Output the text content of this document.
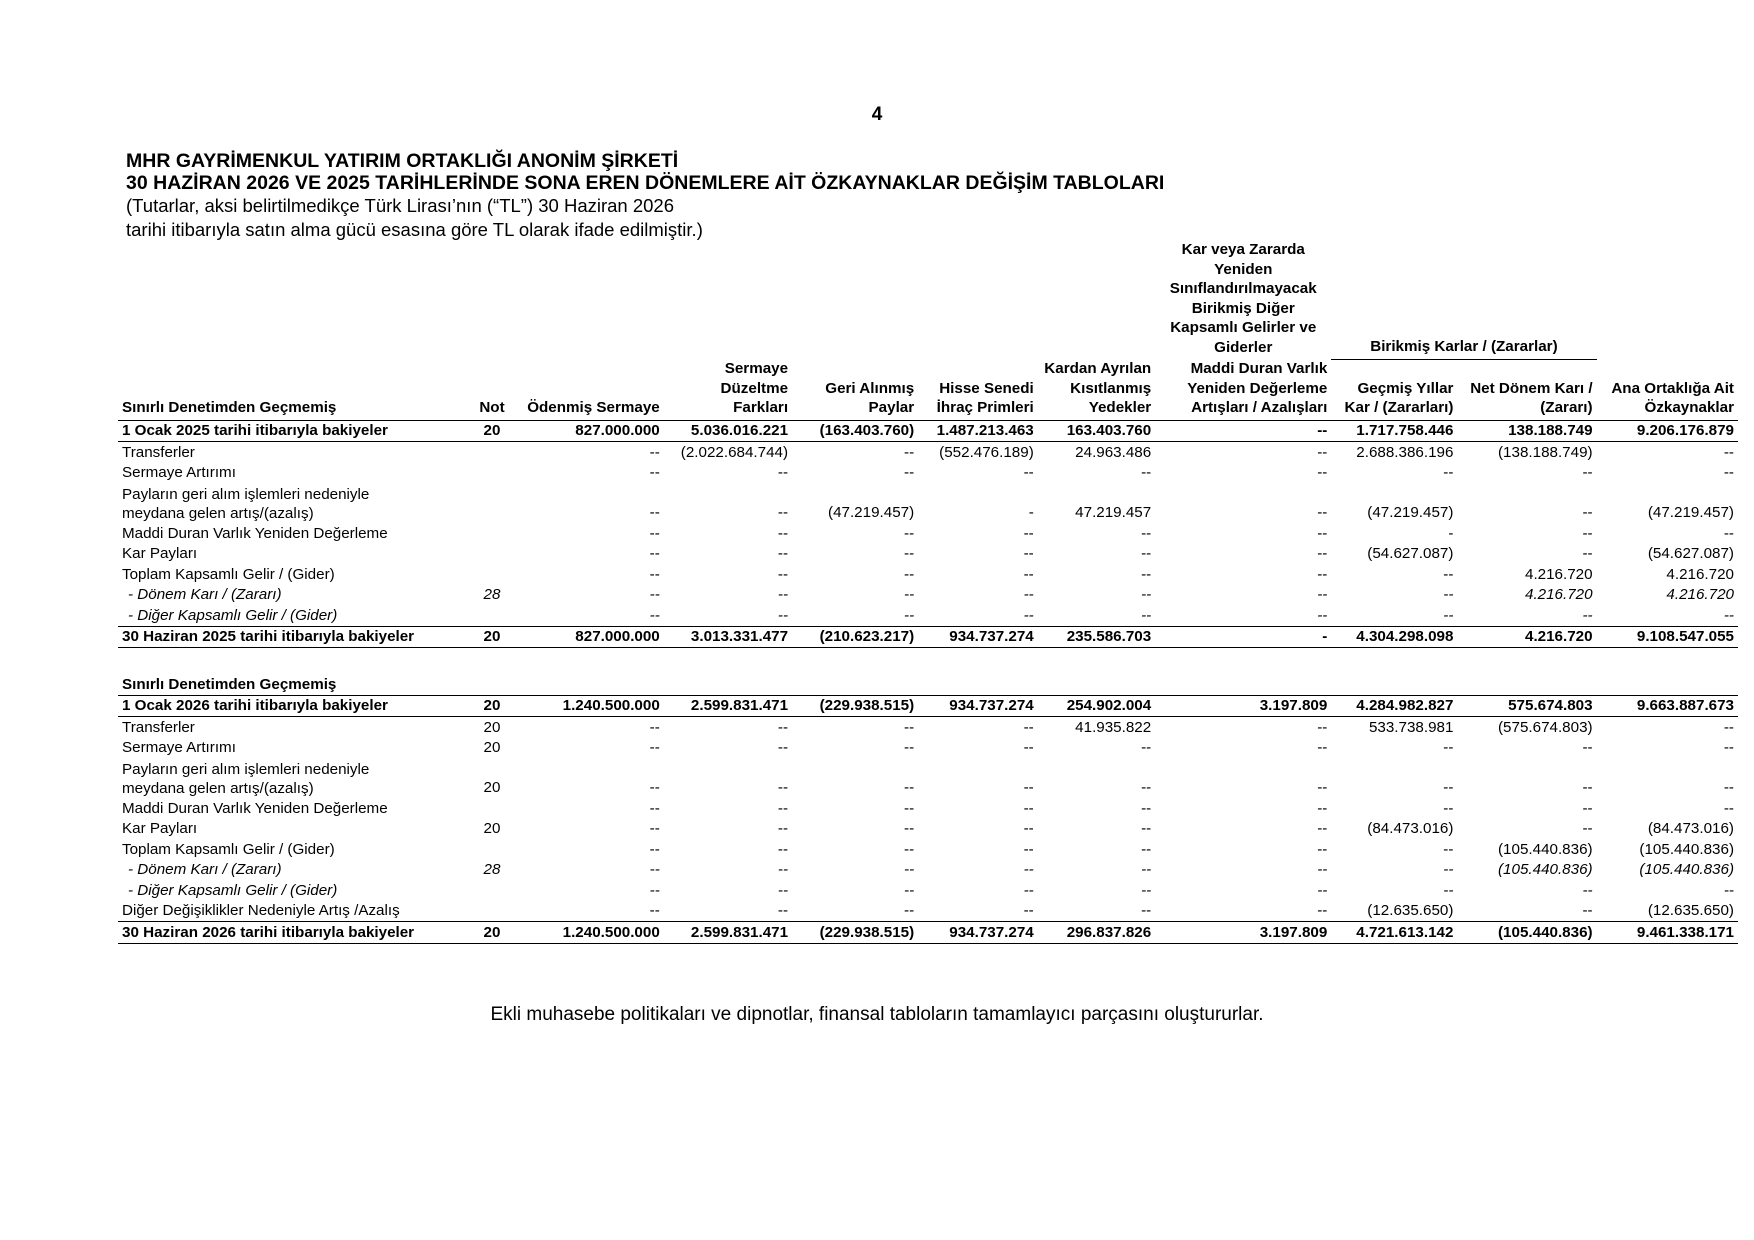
4
MHR GAYRİMENKUL YATIRIM ORTAKLIĞI ANONİM ŞİRKETİ
30 HAZİRAN 2026 VE 2025 TARİHLERİNDE SONA EREN DÖNEMLERE AİT ÖZKAYNAKLAR DEĞİŞİM TABLOLARI
(Tutarlar, aksi belirtilmedikçe Türk Lirası’nın (“TL”) 30 Haziran 2026
tarihi itibarıyla satın alma gücü esasına göre TL olarak ifade edilmiştir.)
							Kar veya Zararda Yeniden Sınıflandırılmayacak Birikmiş Diğer Kapsamlı Gelirler ve Giderler	Birikmiş Karlar / (Zararlar)		
Sınırlı Denetimden Geçmemiş	Not	Ödenmiş Sermaye	Sermaye Düzeltme Farkları	Geri Alınmış Paylar	Hisse Senedi İhraç Primleri	Kardan Ayrılan Kısıtlanmış Yedekler	Maddi Duran Varlık Yeniden Değerleme Artışları / Azalışları	Geçmiş Yıllar Kar / (Zararları)	Net Dönem Karı / (Zararı)	Ana Ortaklığa Ait Özkaynaklar
1 Ocak 2025 tarihi itibarıyla bakiyeler	20	827.000.000	5.036.016.221	(163.403.760)	1.487.213.463	163.403.760	--	1.717.758.446	138.188.749	9.206.176.879
Transferler		--	(2.022.684.744)	--	(552.476.189)	24.963.486	--	2.688.386.196	(138.188.749)	--
Sermaye Artırımı		--	--	--	--	--	--	--	--	--

Payların geri alım işlemleri nedeniyle
meydana gelen artış/(azalış)		--	--	(47.219.457)	-	47.219.457	--	(47.219.457)	--	(47.219.457)
Maddi Duran Varlık Yeniden Değerleme		--	--	--	--	--	--	-	--	--
Kar Payları		--	--	--	--	--	--	(54.627.087)	--	(54.627.087)
Toplam Kapsamlı Gelir / (Gider)		--	--	--	--	--	--	--	4.216.720	4.216.720
- Dönem Karı / (Zararı)	28	--	--	--	--	--	--	--	4.216.720	4.216.720
- Diğer Kapsamlı Gelir / (Gider)		--	--	--	--	--	--	--	--	--
30 Haziran 2025 tarihi itibarıyla bakiyeler	20	827.000.000	3.013.331.477	(210.623.217)	934.737.274	235.586.703	-	4.304.298.098	4.216.720	9.108.547.055

Sınırlı Denetimden Geçmemiş										
1 Ocak 2026 tarihi itibarıyla bakiyeler	20	1.240.500.000	2.599.831.471	(229.938.515)	934.737.274	254.902.004	3.197.809	4.284.982.827	575.674.803	9.663.887.673
Transferler	20	--	--	--	--	41.935.822	--	533.738.981	(575.674.803)	--
Sermaye Artırımı	20	--	--	--	--	--	--	--	--	--

Payların geri alım işlemleri nedeniyle
meydana gelen artış/(azalış)	20	--	--	--	--	--	--	--	--	--
Maddi Duran Varlık Yeniden Değerleme		--	--	--	--	--	--	--	--	--
Kar Payları	20	--	--	--	--	--	--	(84.473.016)	--	(84.473.016)
Toplam Kapsamlı Gelir / (Gider)		--	--	--	--	--	--	--	(105.440.836)	(105.440.836)
- Dönem Karı / (Zararı)	28	--	--	--	--	--	--	--	(105.440.836)	(105.440.836)
- Diğer Kapsamlı Gelir / (Gider)		--	--	--	--	--	--	--	--	--
Diğer Değişiklikler Nedeniyle Artış /Azalış		--	--	--	--	--	--	(12.635.650)	--	(12.635.650)
30 Haziran 2026 tarihi itibarıyla bakiyeler	20	1.240.500.000	2.599.831.471	(229.938.515)	934.737.274	296.837.826	3.197.809	4.721.613.142	(105.440.836)	9.461.338.171
Ekli muhasebe politikaları ve dipnotlar, finansal tabloların tamamlayıcı parçasını oluştururlar.
